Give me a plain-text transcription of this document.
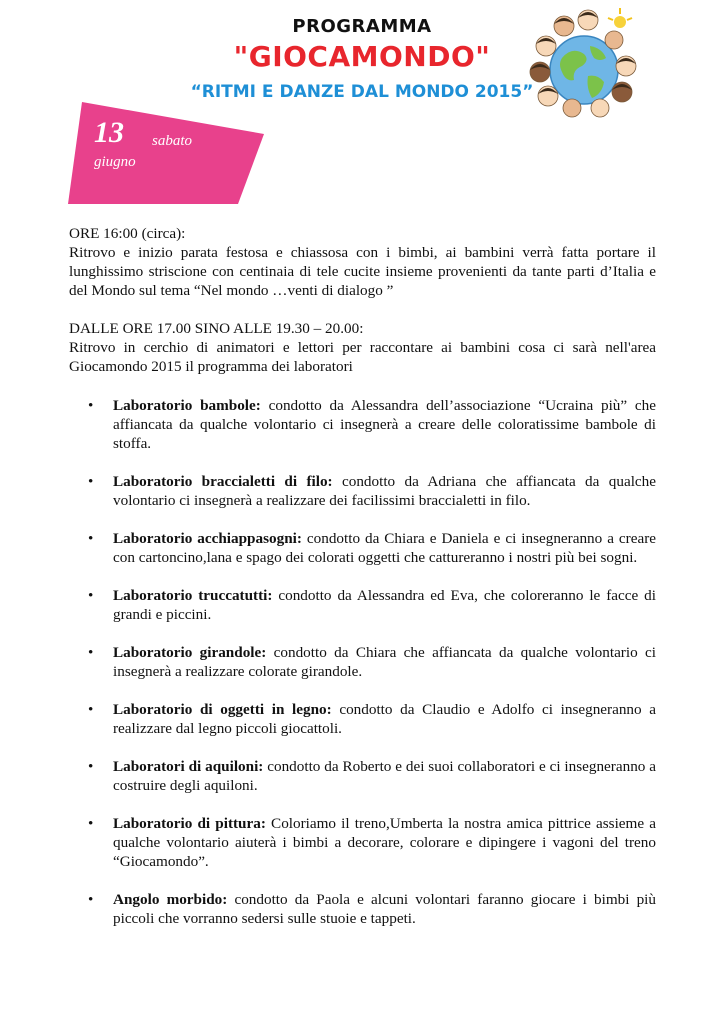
PROGRAMMA
"GIOCAMONDO"
“RITMI E DANZE DAL MONDO 2015”
13 sabato
giugno

ORE 16:00 (circa):

Ritrovo e inizio parata festosa e chiassosa con i bimbi, ai bambini verrà fatta portare il lunghissimo striscione con centinaia di tele cucite insieme provenienti da tante parti d’Italia e del Mondo sul tema “Nel mondo …venti di dialogo ”

DALLE ORE 17.00 SINO ALLE 19.30 – 20.00:

Ritrovo in cerchio di animatori e lettori per raccontare ai bambini cosa ci sarà nell'area Giocamondo 2015 il programma dei laboratori

• Laboratorio bambole: condotto da Alessandra dell’associazione “Ucraina più” che affiancata da qualche volontario ci insegnerà a creare delle coloratissime bambole di stoffa.
• Laboratorio braccialetti di filo: condotto da Adriana che affiancata da qualche volontario ci insegnerà a realizzare dei facilissimi braccialetti in filo.
• Laboratorio acchiappasogni: condotto da Chiara e Daniela e ci insegneranno a creare con cartoncino,lana e spago dei colorati oggetti che cattureranno i nostri più bei sogni.
• Laboratorio truccatutti: condotto da Alessandra ed Eva, che coloreranno le facce di grandi e piccini.
• Laboratorio girandole: condotto da Chiara che affiancata da qualche volontario ci insegnerà a realizzare colorate girandole.
• Laboratorio di oggetti in legno: condotto da Claudio e Adolfo ci insegneranno a realizzare dal legno piccoli giocattoli.
• Laboratori di aquiloni: condotto da Roberto e dei suoi collaboratori e ci insegneranno a costruire degli aquiloni.
• Laboratorio di pittura: Coloriamo il treno,Umberta la nostra amica pittrice assieme a qualche volontario aiuterà i bimbi a decorare, colorare e dipingere i vagoni del treno “Giocamondo”.
• Angolo morbido: condotto da Paola e alcuni volontari faranno giocare i bimbi più piccoli che vorranno sedersi sulle stuoie e tappeti.
